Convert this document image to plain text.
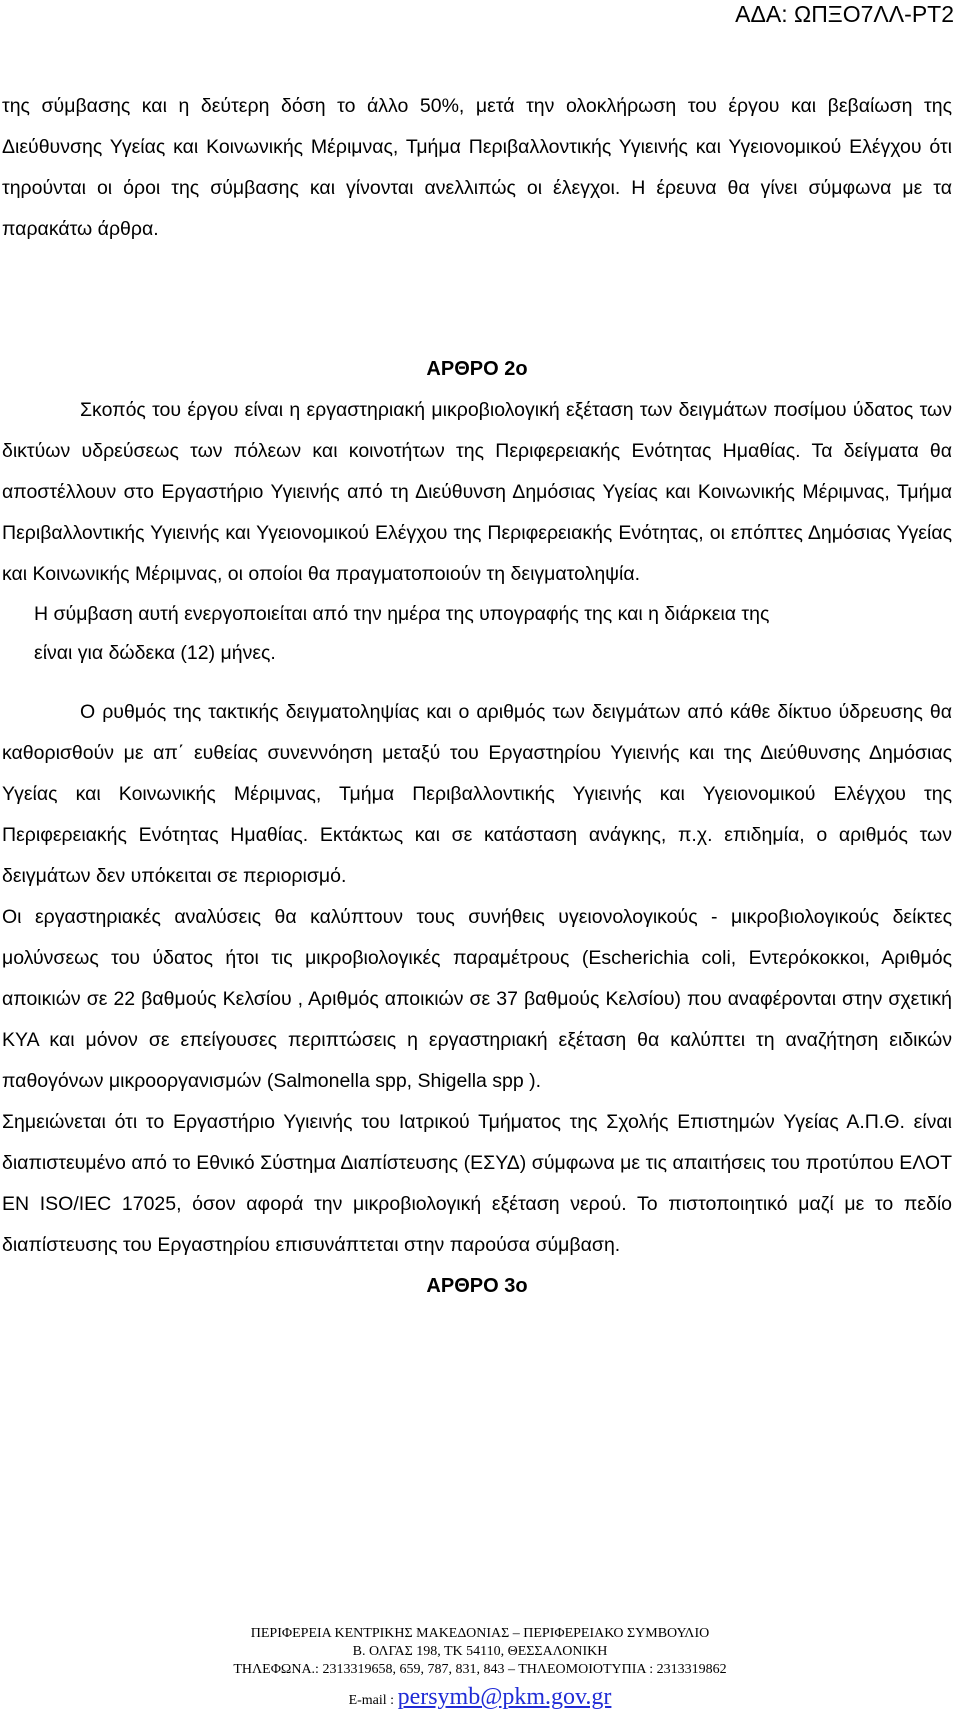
ΑΔΑ: ΩΠΞΟ7ΛΛ-ΡΤ2

της σύμβασης και η δεύτερη δόση το άλλο 50%, μετά την ολοκλήρωση του έργου και βεβαίωση της Διεύθυνσης Υγείας και Κοινωνικής Μέριμνας, Τμήμα Περιβαλλοντικής Υγιεινής και Υγειονομικού Ελέγχου ότι τηρούνται οι όροι της σύμβασης και γίνονται ανελλιπώς οι έλεγχοι. Η έρευνα θα γίνει σύμφωνα με τα παρακάτω άρθρα.

ΑΡΘΡΟ 2ο

Σκοπός του έργου είναι η εργαστηριακή μικροβιολογική εξέταση των δειγμάτων ποσίμου ύδατος των δικτύων υδρεύσεως των πόλεων και κοινοτήτων της Περιφερειακής Ενότητας Ημαθίας. Τα δείγματα θα αποστέλλουν στο Εργαστήριο Υγιεινής από τη Διεύθυνση Δημόσιας Υγείας και Κοινωνικής Μέριμνας, Τμήμα Περιβαλλοντικής Υγιεινής και Υγειονομικού Ελέγχου της Περιφερειακής Ενότητας, οι επόπτες Δημόσιας Υγείας και Κοινωνικής Μέριμνας, οι οποίοι θα πραγματοποιούν τη δειγματοληψία.

Η σύμβαση αυτή ενεργοποιείται από την ημέρα της υπογραφής της και η διάρκεια της

είναι για δώδεκα (12) μήνες.

Ο ρυθμός της τακτικής δειγματοληψίας και ο αριθμός των δειγμάτων από κάθε δίκτυο ύδρευσης θα καθορισθούν με απ΄ ευθείας συνεννόηση μεταξύ του Εργαστηρίου Υγιεινής και της Διεύθυνσης Δημόσιας Υγείας και Κοινωνικής Μέριμνας, Τμήμα Περιβαλλοντικής Υγιεινής και Υγειονομικού Ελέγχου της Περιφερειακής Ενότητας Ημαθίας. Εκτάκτως και σε κατάσταση ανάγκης, π.χ. επιδημία, ο αριθμός των δειγμάτων δεν υπόκειται σε περιορισμό.

Οι εργαστηριακές αναλύσεις θα καλύπτουν τους συνήθεις υγειονολογικούς - μικροβιολογικούς δείκτες μολύνσεως του ύδατος ήτοι τις μικροβιολογικές παραμέτρους (Escherichia coli, Εντερόκοκκοι, Αριθμός αποικιών σε 22 βαθμούς Κελσίου , Αριθμός αποικιών σε 37 βαθμούς Κελσίου) που αναφέρονται στην σχετική ΚΥΑ και μόνον σε επείγουσες περιπτώσεις η εργαστηριακή εξέταση θα καλύπτει τη αναζήτηση ειδικών παθογόνων μικροοργανισμών (Salmonella spp, Shigella spp ).

Σημειώνεται ότι το Εργαστήριο Υγιεινής του Ιατρικού Τμήματος της Σχολής Επιστημών Υγείας Α.Π.Θ. είναι διαπιστευμένο από το Εθνικό Σύστημα Διαπίστευσης (ΕΣΥΔ) σύμφωνα με τις απαιτήσεις του προτύπου ΕΛΟΤ ΕΝ ISO/IEC 17025, όσον αφορά την μικροβιολογική εξέταση νερού. Το πιστοποιητικό μαζί με το πεδίο διαπίστευσης του Εργαστηρίου επισυνάπτεται στην παρούσα σύμβαση.

ΑΡΘΡΟ 3ο
ΠΕΡΙΦΕΡΕΙΑ ΚΕΝΤΡΙΚΗΣ ΜΑΚΕΔΟΝΙΑΣ – ΠΕΡΙΦΕΡΕΙΑΚΟ ΣΥΜΒΟΥΛΙΟ
Β. ΟΛΓΑΣ 198, ΤΚ 54110, ΘΕΣΣΑΛΟΝΙΚΗ
ΤΗΛΕΦΩΝΑ.: 2313319658, 659, 787, 831, 843 – ΤΗΛΕΟΜΟΙΟΤΥΠΙΑ : 2313319862
E-mail : persymb@pkm.gov.gr
